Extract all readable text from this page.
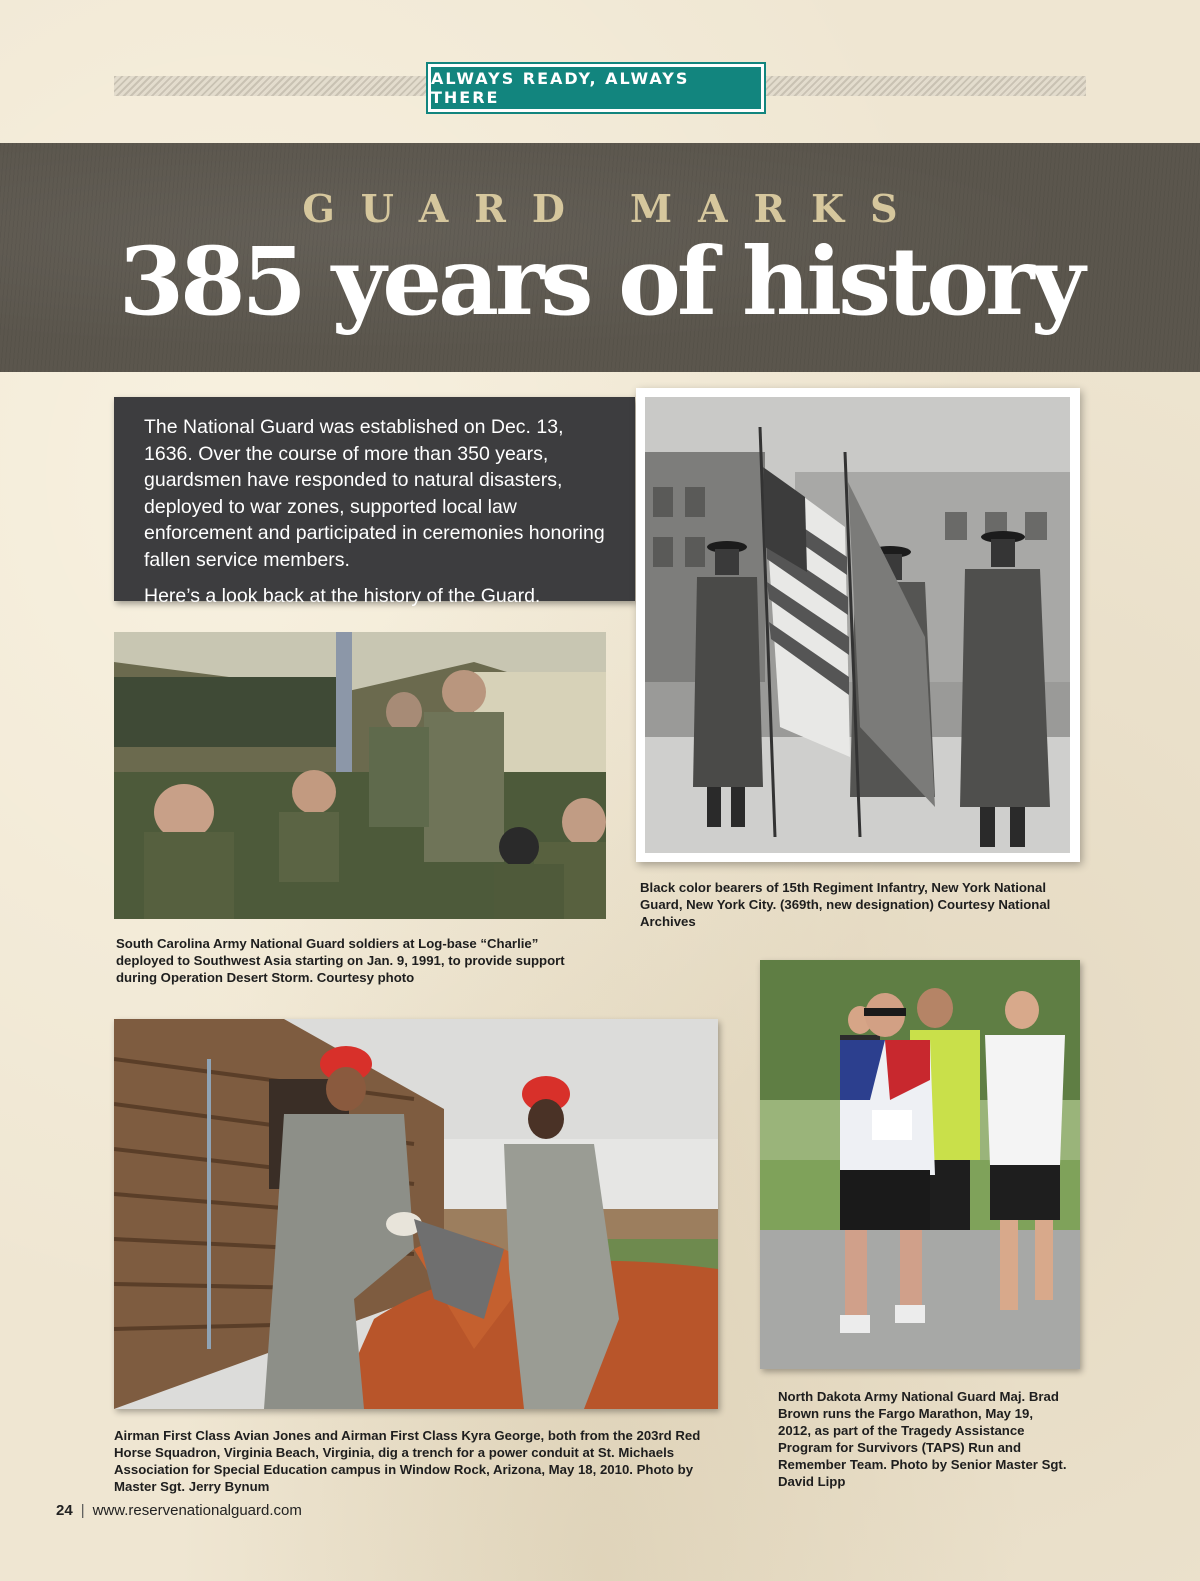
ALWAYS READY, ALWAYS THERE
GUARD MARKS
385 years of history

The National Guard was established on Dec. 13, 1636. Over the course of more than 350 years, guardsmen have responded to natural disasters, deployed to war zones, supported local law enforcement and participated in ceremonies honoring fallen service members.

Here’s a look back at the history of the Guard.

Black color bearers of 15th Regiment Infantry, New York National Guard, New York City. (369th, new designation) Courtesy National Archives

South Carolina Army National Guard soldiers at Log-base “Charlie” deployed to Southwest Asia starting on Jan. 9, 1991, to provide support during Operation Desert Storm. Courtesy photo

Airman First Class Avian Jones and Airman First Class Kyra George, both from the 203rd Red Horse Squadron, Virginia Beach, Virginia, dig a trench for a power conduit at St. Michaels Association for Special Education campus in Window Rock, Arizona, May 18, 2010. Photo by Master Sgt. Jerry Bynum

North Dakota Army National Guard Maj. Brad Brown runs the Fargo Marathon, May 19, 2012, as part of the Tragedy Assistance Program for Survivors (TAPS) Run and Remember Team. Photo by Senior Master Sgt. David Lipp

24 | www.reservenationalguard.com
